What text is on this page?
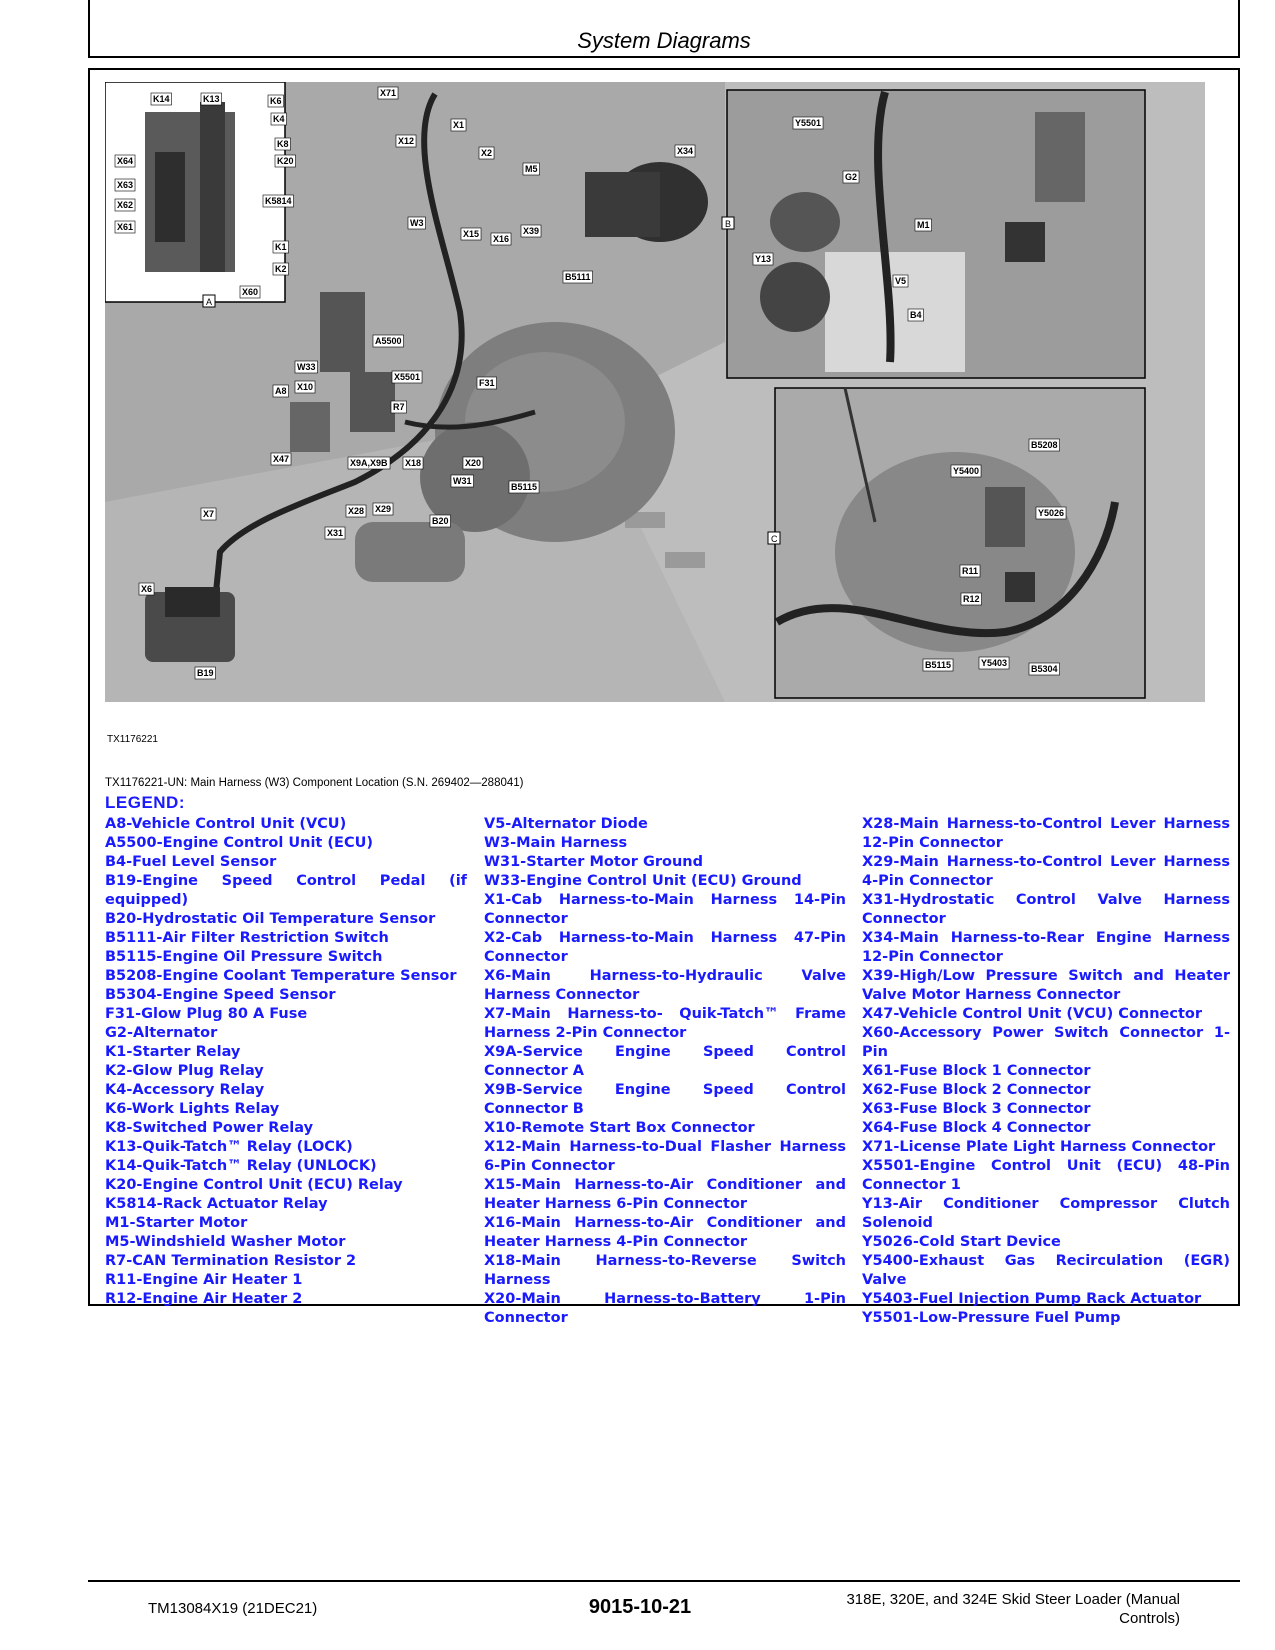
System Diagrams
K14	K13	K6
K4
K8
K20
K5814
K1
K2
X64
X63
X62
X61
X60
X71
X12
X1
X2
M5
X34
W3
X15 X16
X39
B5111
A5500
W33
X5501
A8 X10
R7
F31
X47	X9A,X9B X18	X20
W31
B5115
X7	X28 X29
B20
X31
X6
B19
Y5501
G2
M1
Y13
V5
B4
B5208
Y5400
Y5026
R11
R12
B5115	Y5403
B5304
A
B
C
TX1176221
TX1176221-UN: Main Harness (W3) Component Location (S.N. 269402—288041)
LEGEND:

A8-Vehicle Control Unit (VCU)

A5500-Engine Control Unit (ECU)

B4-Fuel Level Sensor

B19-Engine Speed Control Pedal (if equipped)

B20-Hydrostatic Oil Temperature Sensor

B5111-Air Filter Restriction Switch

B5115-Engine Oil Pressure Switch

B5208-Engine Coolant Temperature Sensor

B5304-Engine Speed Sensor

F31-Glow Plug 80 A Fuse

G2-Alternator

K1-Starter Relay

K2-Glow Plug Relay

K4-Accessory Relay

K6-Work Lights Relay

K8-Switched Power Relay

K13-Quik-Tatch™ Relay (LOCK)

K14-Quik-Tatch™ Relay (UNLOCK)

K20-Engine Control Unit (ECU) Relay

K5814-Rack Actuator Relay

M1-Starter Motor

M5-Windshield Washer Motor

R7-CAN Termination Resistor 2

R11-Engine Air Heater 1

R12-Engine Air Heater 2

V5-Alternator Diode

W3-Main Harness

W31-Starter Motor Ground

W33-Engine Control Unit (ECU) Ground

X1-Cab Harness-to-Main Harness 14-Pin Connector

X2-Cab Harness-to-Main Harness 47-Pin Connector

X6-Main Harness-to-Hydraulic Valve Harness Connector

X7-Main Harness-to- Quik-Tatch™ Frame Harness 2-Pin Connector

X9A-Service Engine Speed Control Connector A

X9B-Service Engine Speed Control Connector B

X10-Remote Start Box Connector

X12-Main Harness-to-Dual Flasher Harness 6-Pin Connector

X15-Main Harness-to-Air Conditioner and Heater Harness 6-Pin Connector

X16-Main Harness-to-Air Conditioner and Heater Harness 4-Pin Connector

X18-Main Harness-to-Reverse Switch Harness

X20-Main Harness-to-Battery 1-Pin Connector

X28-Main Harness-to-Control Lever Harness 12-Pin Connector

X29-Main Harness-to-Control Lever Harness 4-Pin Connector

X31-Hydrostatic Control Valve Harness Connector

X34-Main Harness-to-Rear Engine Harness 12-Pin Connector

X39-High/Low Pressure Switch and Heater Valve Motor Harness Connector

X47-Vehicle Control Unit (VCU) Connector

X60-Accessory Power Switch Connector 1-Pin

X61-Fuse Block 1 Connector

X62-Fuse Block 2 Connector

X63-Fuse Block 3 Connector

X64-Fuse Block 4 Connector

X71-License Plate Light Harness Connector

X5501-Engine Control Unit (ECU) 48-Pin Connector 1

Y13-Air Conditioner Compressor Clutch Solenoid

Y5026-Cold Start Device

Y5400-Exhaust Gas Recirculation (EGR) Valve

Y5403-Fuel Injection Pump Rack Actuator

Y5501-Low-Pressure Fuel Pump

TM13084X19 (21DEC21)	9015-10-21	318E, 320E, and 324E Skid Steer Loader (Manual
Controls)
